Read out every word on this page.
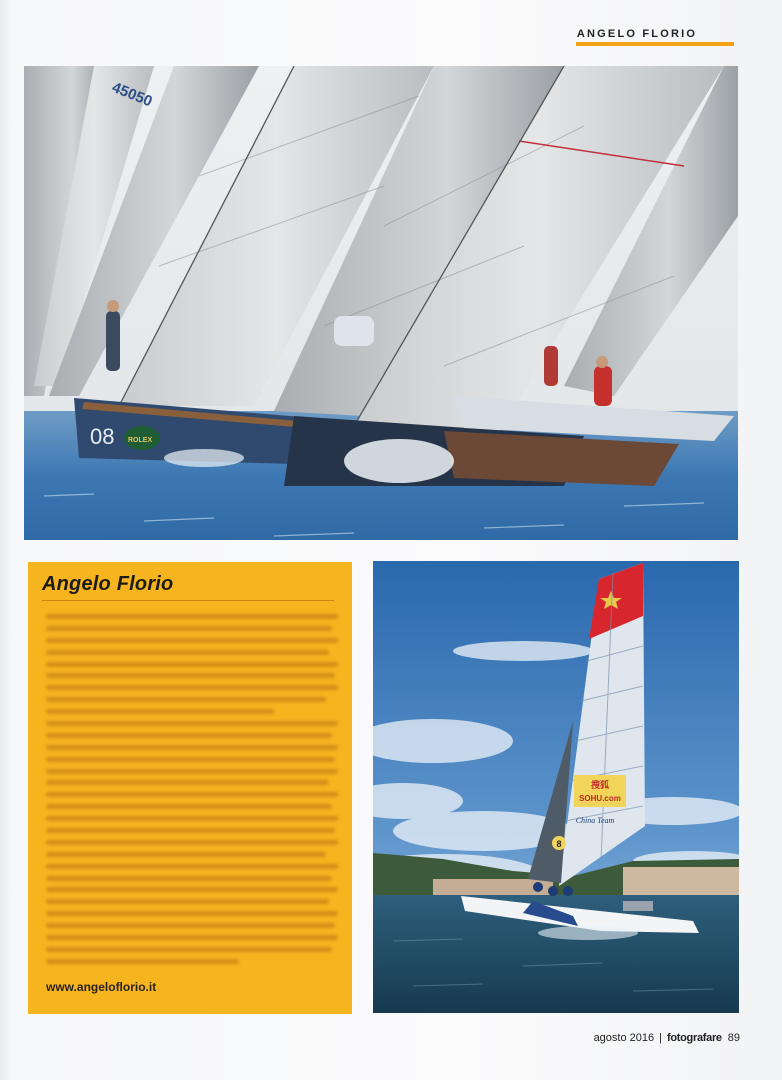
ANGELO FLORIO
45050
08 ROLEX
Angelo Florio
www.angeloflorio.it
搜狐
SOHU.com
China Team
8
agosto 2016 | fotografare 89
